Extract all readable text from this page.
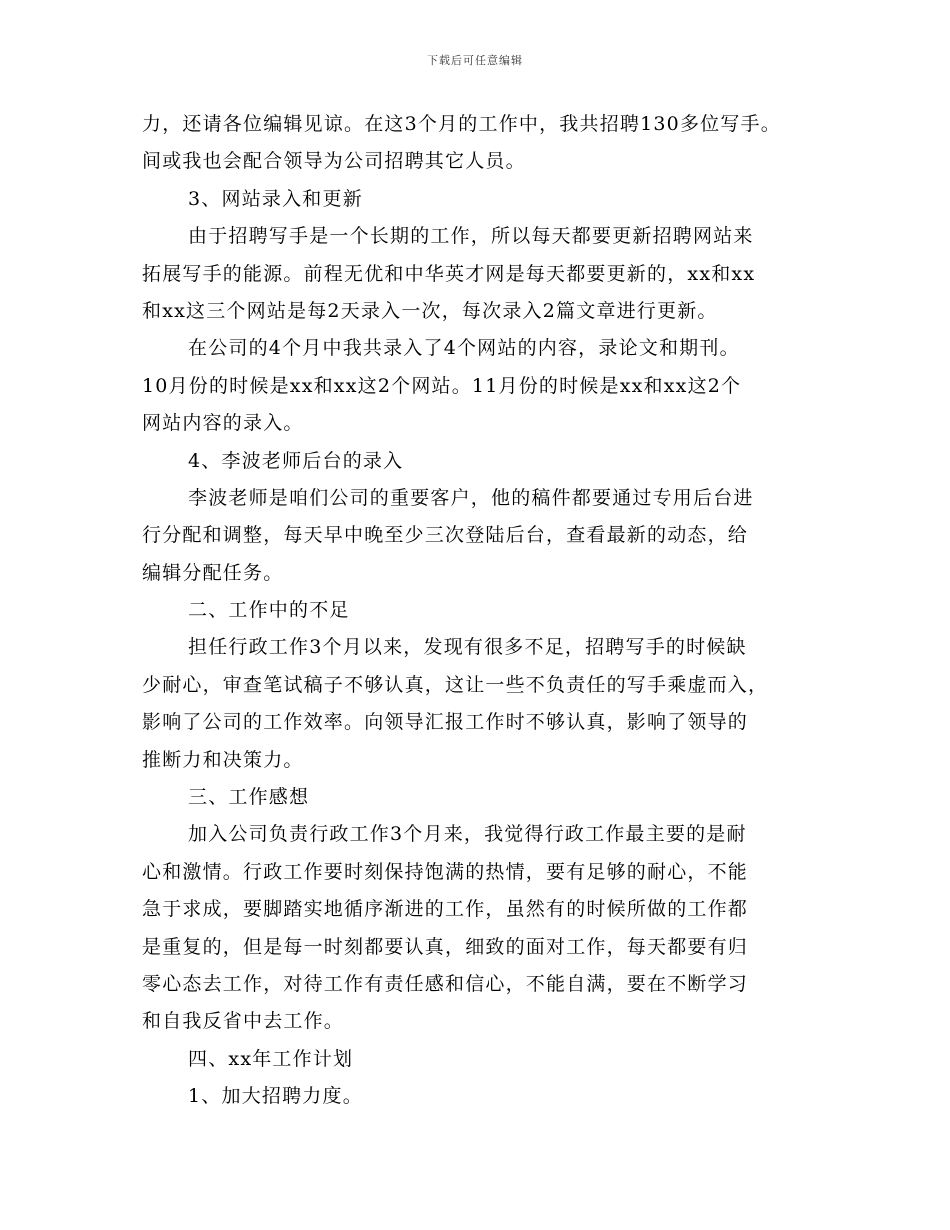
下载后可任意编辑
力，还请各位编辑见谅。在这3个月的工作中，我共招聘130多位写手。
间或我也会配合领导为公司招聘其它人员。
3、网站录入和更新
由于招聘写手是一个长期的工作，所以每天都要更新招聘网站来
拓展写手的能源。前程无优和中华英才网是每天都要更新的，xx和xx
和xx这三个网站是每2天录入一次，每次录入2篇文章进行更新。
在公司的4个月中我共录入了4个网站的内容，录论文和期刊。
10月份的时候是xx和xx这2个网站。11月份的时候是xx和xx这2个
网站内容的录入。
4、李波老师后台的录入
李波老师是咱们公司的重要客户，他的稿件都要通过专用后台进
行分配和调整，每天早中晚至少三次登陆后台，查看最新的动态，给
编辑分配任务。
二、工作中的不足
担任行政工作3个月以来，发现有很多不足，招聘写手的时候缺
少耐心，审查笔试稿子不够认真，这让一些不负责任的写手乘虚而入，
影响了公司的工作效率。向领导汇报工作时不够认真，影响了领导的
推断力和决策力。
三、工作感想
加入公司负责行政工作3个月来，我觉得行政工作最主要的是耐
心和激情。行政工作要时刻保持饱满的热情，要有足够的耐心，不能
急于求成，要脚踏实地循序渐进的工作，虽然有的时候所做的工作都
是重复的，但是每一时刻都要认真，细致的面对工作，每天都要有归
零心态去工作，对待工作有责任感和信心，不能自满，要在不断学习
和自我反省中去工作。
四、xx年工作计划
1、加大招聘力度。
